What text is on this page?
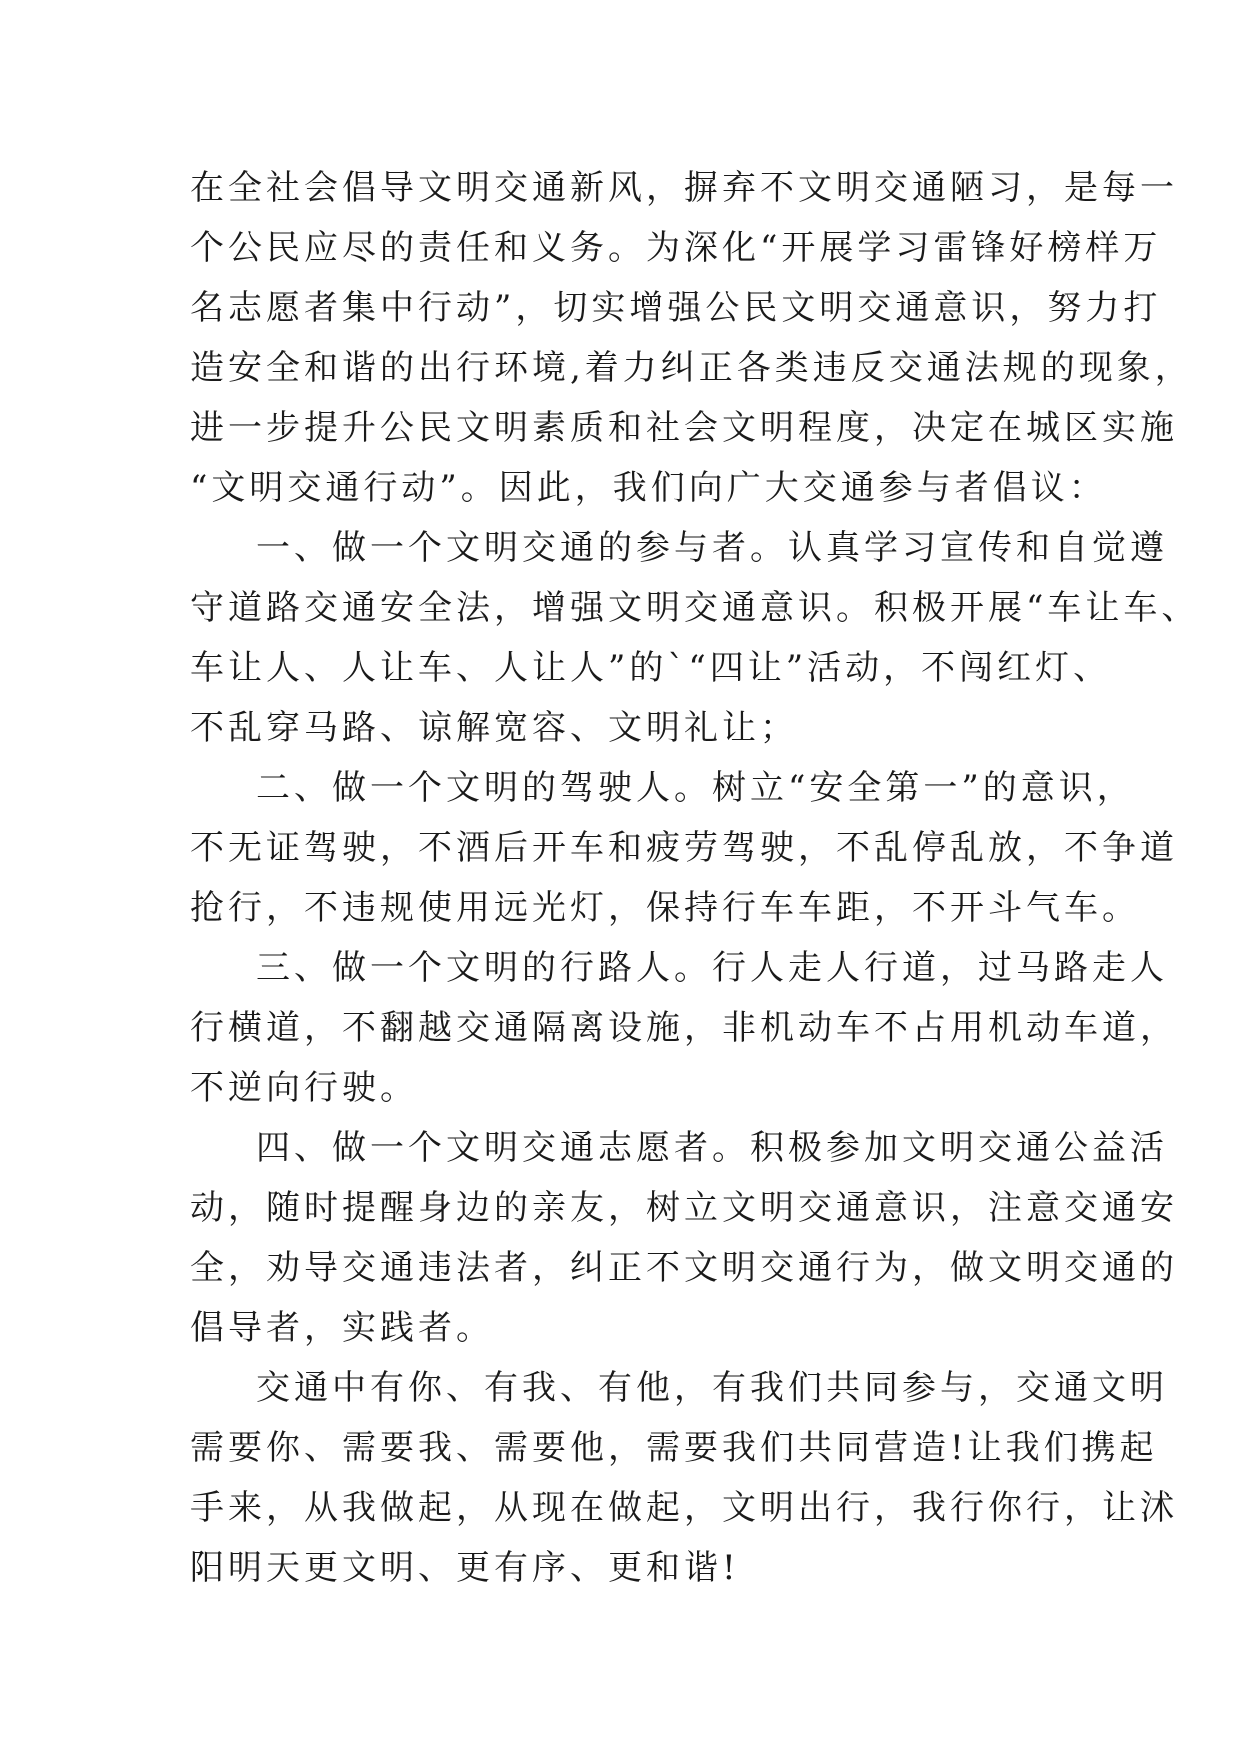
在全社会倡导文明交通新风，摒弃不文明交通陋习，是每一
个公民应尽的责任和义务。为深化“开展学习雷锋好榜样万
名志愿者集中行动”，切实增强公民文明交通意识，努力打
造安全和谐的出行环境,着力纠正各类违反交通法规的现象，
进一步提升公民文明素质和社会文明程度，决定在城区实施
“文明交通行动”。因此，我们向广大交通参与者倡议：
一、做一个文明交通的参与者。认真学习宣传和自觉遵
守道路交通安全法，增强文明交通意识。积极开展“车让车、
车让人、人让车、人让人”的`“四让”活动，不闯红灯、
不乱穿马路、谅解宽容、文明礼让；
二、做一个文明的驾驶人。树立“安全第一”的意识，
不无证驾驶，不酒后开车和疲劳驾驶，不乱停乱放，不争道
抢行，不违规使用远光灯，保持行车车距，不开斗气车。
三、做一个文明的行路人。行人走人行道，过马路走人
行横道，不翻越交通隔离设施，非机动车不占用机动车道，
不逆向行驶。
四、做一个文明交通志愿者。积极参加文明交通公益活
动，随时提醒身边的亲友，树立文明交通意识，注意交通安
全，劝导交通违法者，纠正不文明交通行为，做文明交通的
倡导者，实践者。
交通中有你、有我、有他，有我们共同参与，交通文明
需要你、需要我、需要他，需要我们共同营造!让我们携起
手来，从我做起，从现在做起，文明出行，我行你行，让沭
阳明天更文明、更有序、更和谐!
